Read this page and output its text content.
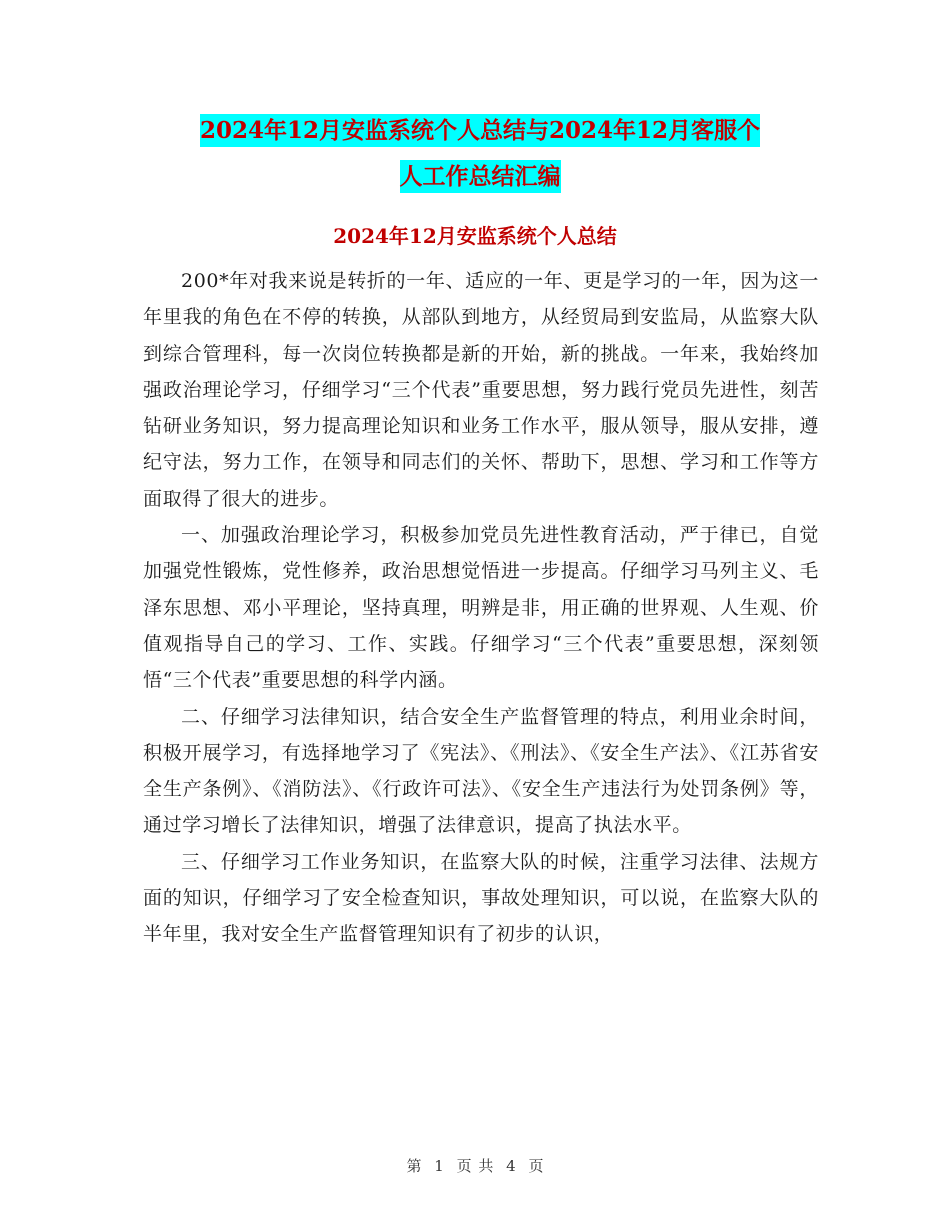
2024年12月安监系统个人总结与2024年12月客服个
人工作总结汇编
2024年12月安监系统个人总结

200*年对我来说是转折的一年、适应的一年、更是学习的一年，因为这一年里我的角色在不停的转换，从部队到地方，从经贸局到安监局，从监察大队到综合管理科，每一次岗位转换都是新的开始，新的挑战。一年来，我始终加强政治理论学习，仔细学习“三个代表”重要思想，努力践行党员先进性，刻苦钻研业务知识，努力提高理论知识和业务工作水平，服从领导，服从安排，遵纪守法，努力工作，在领导和同志们的关怀、帮助下，思想、学习和工作等方面取得了很大的进步。

一、加强政治理论学习，积极参加党员先进性教育活动，严于律已，自觉加强党性锻炼，党性修养，政治思想觉悟进一步提高。仔细学习马列主义、毛泽东思想、邓小平理论，坚持真理，明辨是非，用正确的世界观、人生观、价值观指导自己的学习、工作、实践。仔细学习“三个代表”重要思想，深刻领悟“三个代表”重要思想的科学内涵。

二、仔细学习法律知识，结合安全生产监督管理的特点，利用业余时间，积极开展学习，有选择地学习了《宪法》、《刑法》、《安全生产法》、《江苏省安全生产条例》、《消防法》、《行政许可法》、《安全生产违法行为处罚条例》等，通过学习增长了法律知识，增强了法律意识，提高了执法水平。

三、仔细学习工作业务知识，在监察大队的时候，注重学习法律、法规方面的知识，仔细学习了安全检查知识，事故处理知识，可以说，在监察大队的半年里，我对安全生产监督管理知识有了初步的认识，

第 1 页 共 4 页
